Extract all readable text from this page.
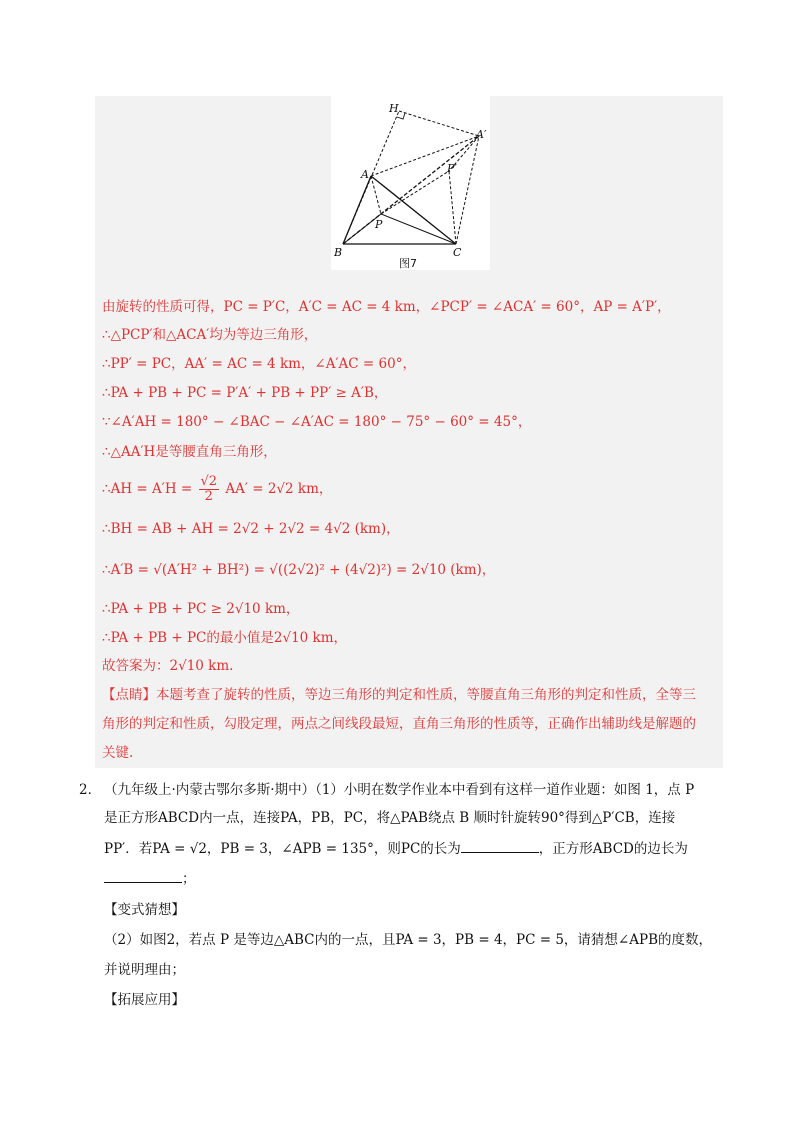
H
A′
A	P′
P
B	C
图7
由旋转的性质可得，PC = P′C，A′C = AC = 4 km，∠PCP′ = ∠ACA′ = 60°，AP = A′P′，
∴△PCP′和△ACA′均为等边三角形，
∴PP′ = PC，AA′ = AC = 4 km，∠A′AC = 60°，
∴PA + PB + PC = P′A′ + PB + PP′ ≥ A′B，
∵∠A′AH = 180° − ∠BAC − ∠A′AC = 180° − 75° − 60° = 45°，
∴△AA′H是等腰直角三角形，
∴AH = $A'H = \frac{√2}{2} AA' = 2√2$ km，
∴BH = AB + AH = 2√2 + 2√2 = 4√2 (km)，
∴A′B = √(A′H² + BH²) = √((2√2)² + (4√2)²) = 2√10 (km)，
∴PA + PB + PC ≥ 2√10 km，
∴PA + PB + PC的最小值是2√10 km，
故答案为：2√10 km.
【点睛】本题考查了旋转的性质，等边三角形的判定和性质，等腰直角三角形的判定和性质，全等三
角形的判定和性质，勾股定理，两点之间线段最短，直角三角形的性质等，正确作出辅助线是解题的
关键.
2． （九年级上·内蒙古鄂尔多斯·期中）（1）小明在数学作业本中看到有这样一道作业题：如图 1，点 P
是正方形ABCD内一点，连接PA，PB，PC，将△PAB绕点 B 顺时针旋转90°得到△P′CB，连接
PP′．若PA = √2，PB = 3，∠APB = 135°，则PC的长为	，正方形ABCD的边长为
；
【变式猜想】
（2）如图2，若点 P 是等边△ABC内的一点，且PA = 3，PB = 4，PC = 5，请猜想∠APB的度数，
并说明理由；
【拓展应用】
